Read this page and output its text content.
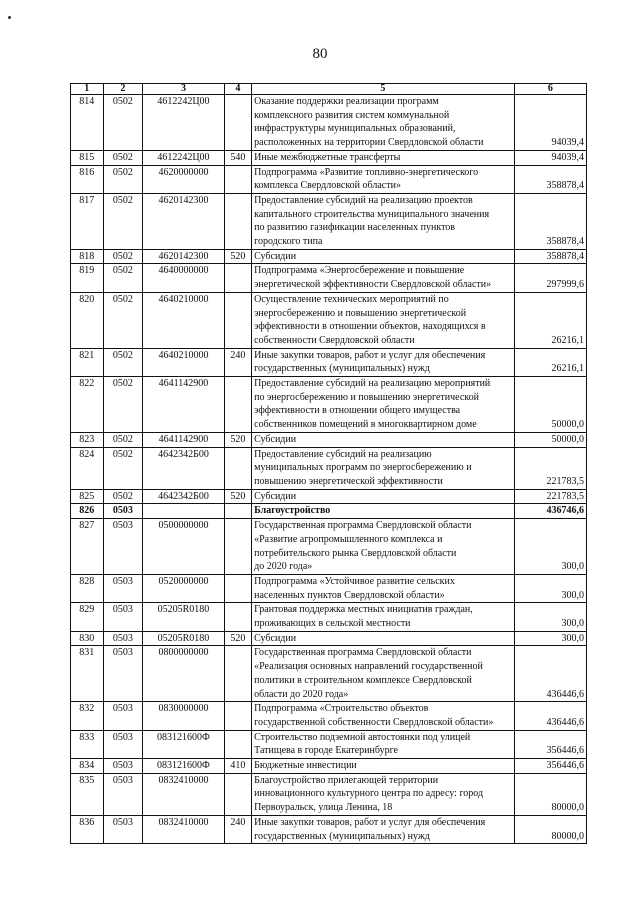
80
1	2	3	4	5	6
814	0502	4612242Ц00		Оказание поддержки реализации программ
комплексного развития систем коммунальной
инфраструктуры муниципальных образований,
расположенных на территории Свердловской области	94039,4
815	0502	4612242Ц00	540	Иные межбюджетные трансферты	94039,4
816	0502	4620000000		Подпрограмма «Развитие топливно-энергетического
комплекса Свердловской области»	358878,4
817	0502	4620142300		Предоставление субсидий на реализацию проектов
капитального строительства муниципального значения
по развитию газификации населенных пунктов
городского типа	358878,4
818	0502	4620142300	520	Субсидии	358878,4
819	0502	4640000000		Подпрограмма «Энергосбережение и повышение
энергетической эффективности Свердловской области»	297999,6
820	0502	4640210000		Осуществление технических мероприятий по
энергосбережению и повышению энергетической
эффективности в отношении объектов, находящихся в
собственности Свердловской области	26216,1
821	0502	4640210000	240	Иные закупки товаров, работ и услуг для обеспечения
государственных (муниципальных) нужд	26216,1
822	0502	4641142900		Предоставление субсидий на реализацию мероприятий
по энергосбережению и повышению энергетической
эффективности в отношении общего имущества
собственников помещений в многоквартирном доме	50000,0
823	0502	4641142900	520	Субсидии	50000,0
824	0502	4642342Б00		Предоставление субсидий на реализацию
муниципальных программ по энергосбережению и
повышению энергетической эффективности	221783,5
825	0502	4642342Б00	520	Субсидии	221783,5
826	0503			Благоустройство	436746,6
827	0503	0500000000		Государственная программа Свердловской области
«Развитие агропромышленного комплекса и
потребительского рынка Свердловской области
до 2020 года»	300,0
828	0503	0520000000		Подпрограмма «Устойчивое развитие сельских
населенных пунктов Свердловской области»	300,0
829	0503	05205R0180		Грантовая поддержка местных инициатив граждан,
проживающих в сельской местности	300,0
830	0503	05205R0180	520	Субсидии	300,0
831	0503	0800000000		Государственная программа Свердловской области
«Реализация основных направлений государственной
политики в строительном комплексе Свердловской
области до 2020 года»	436446,6
832	0503	0830000000		Подпрограмма «Строительство объектов
государственной собственности Свердловской области»	436446,6
833	0503	083121600Ф		Строительство подземной автостоянки под улицей
Татищева в городе Екатеринбурге	356446,6
834	0503	083121600Ф	410	Бюджетные инвестиции	356446,6
835	0503	0832410000		Благоустройство прилегающей территории
инновационного культурного центра по адресу: город
Первоуральск, улица Ленина, 18	80000,0
836	0503	0832410000	240	Иные закупки товаров, работ и услуг для обеспечения
государственных (муниципальных) нужд	80000,0
